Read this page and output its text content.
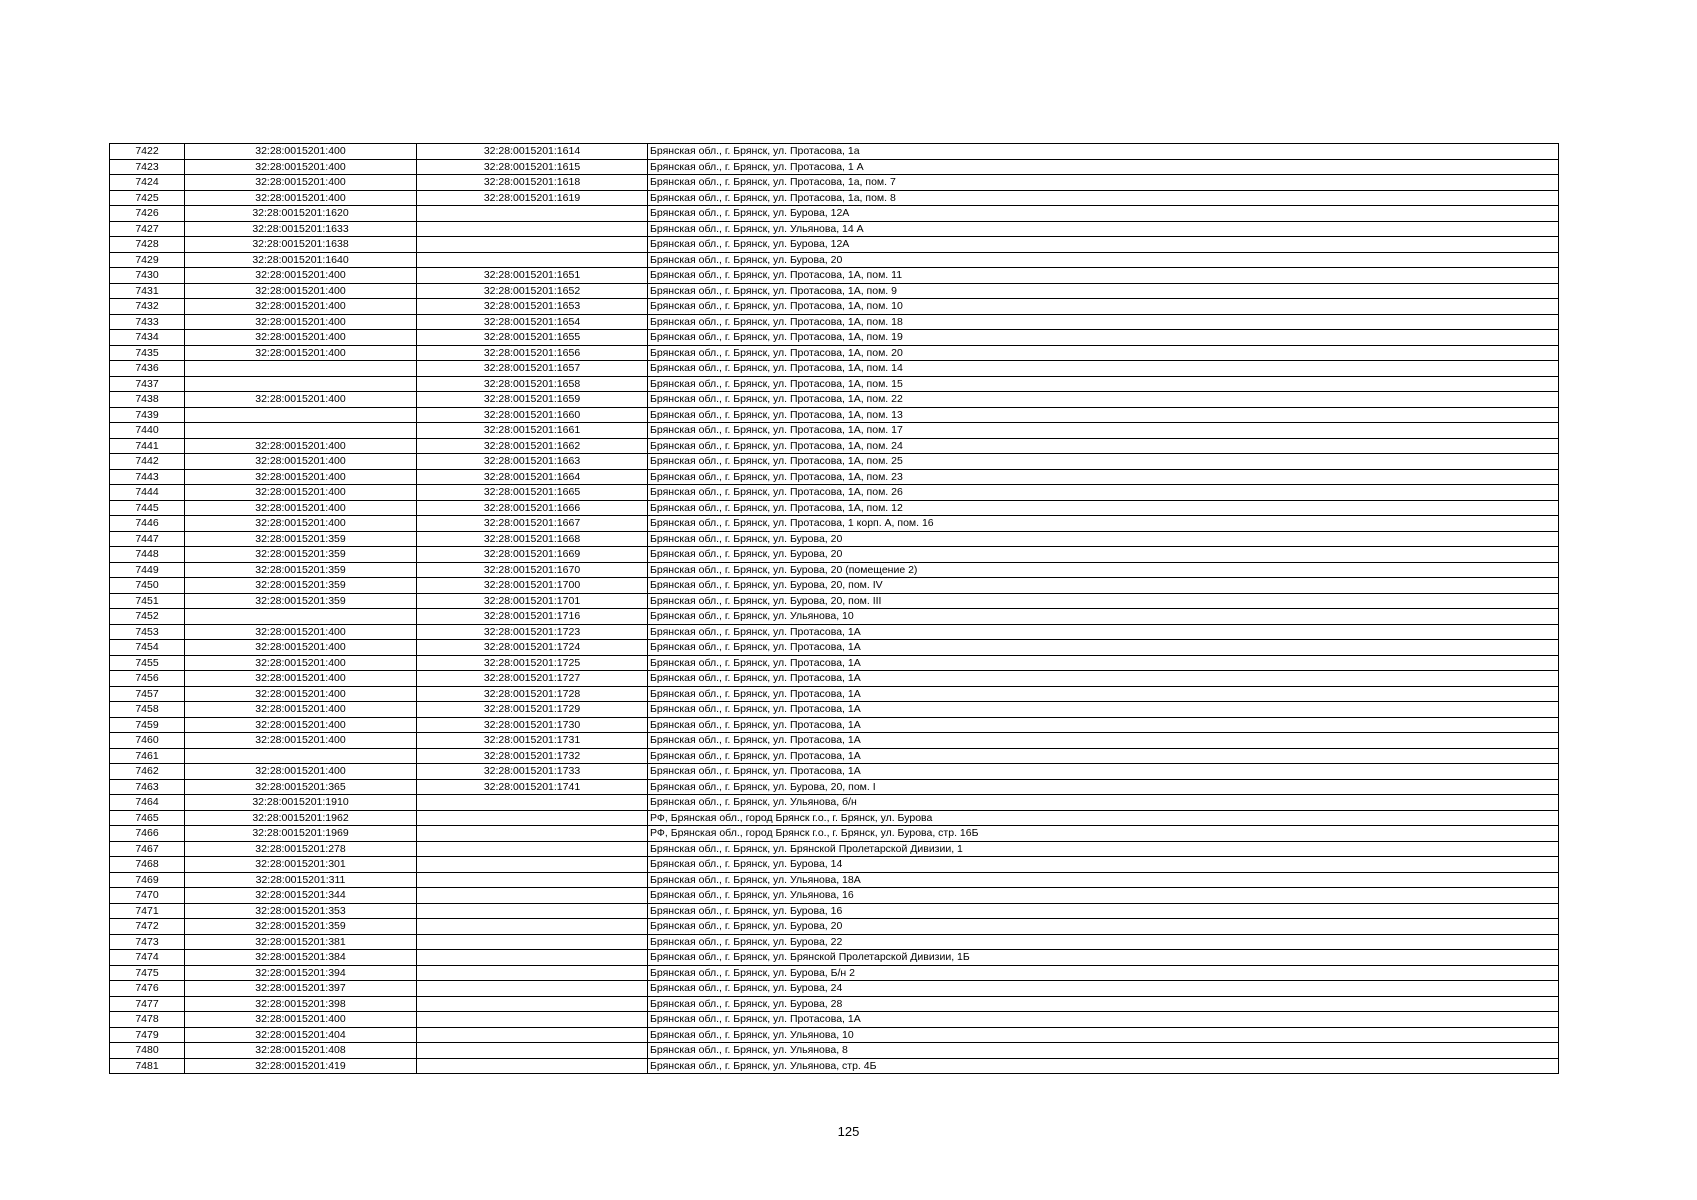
7422	32:28:0015201:400	32:28:0015201:1614	Брянская обл., г. Брянск, ул. Протасова, 1а
7423	32:28:0015201:400	32:28:0015201:1615	Брянская обл., г. Брянск, ул. Протасова, 1 А
7424	32:28:0015201:400	32:28:0015201:1618	Брянская обл., г. Брянск, ул. Протасова, 1а, пом. 7
7425	32:28:0015201:400	32:28:0015201:1619	Брянская обл., г. Брянск, ул. Протасова, 1а, пом. 8
7426	32:28:0015201:1620		Брянская обл., г. Брянск, ул. Бурова, 12А
7427	32:28:0015201:1633		Брянская обл., г. Брянск, ул. Ульянова, 14 А
7428	32:28:0015201:1638		Брянская обл., г. Брянск, ул. Бурова, 12А
7429	32:28:0015201:1640		Брянская обл., г. Брянск, ул. Бурова, 20
7430	32:28:0015201:400	32:28:0015201:1651	Брянская обл., г. Брянск, ул. Протасова, 1А, пом. 11
7431	32:28:0015201:400	32:28:0015201:1652	Брянская обл., г. Брянск, ул. Протасова, 1А, пом. 9
7432	32:28:0015201:400	32:28:0015201:1653	Брянская обл., г. Брянск, ул. Протасова, 1А, пом. 10
7433	32:28:0015201:400	32:28:0015201:1654	Брянская обл., г. Брянск, ул. Протасова, 1А, пом. 18
7434	32:28:0015201:400	32:28:0015201:1655	Брянская обл., г. Брянск, ул. Протасова, 1А, пом. 19
7435	32:28:0015201:400	32:28:0015201:1656	Брянская обл., г. Брянск, ул. Протасова, 1А, пом. 20
7436		32:28:0015201:1657	Брянская обл., г. Брянск, ул. Протасова, 1А, пом. 14
7437		32:28:0015201:1658	Брянская обл., г. Брянск, ул. Протасова, 1А, пом. 15
7438	32:28:0015201:400	32:28:0015201:1659	Брянская обл., г. Брянск, ул. Протасова, 1А, пом. 22
7439		32:28:0015201:1660	Брянская обл., г. Брянск, ул. Протасова, 1А, пом. 13
7440		32:28:0015201:1661	Брянская обл., г. Брянск, ул. Протасова, 1А, пом. 17
7441	32:28:0015201:400	32:28:0015201:1662	Брянская обл., г. Брянск, ул. Протасова, 1А, пом. 24
7442	32:28:0015201:400	32:28:0015201:1663	Брянская обл., г. Брянск, ул. Протасова, 1А, пом. 25
7443	32:28:0015201:400	32:28:0015201:1664	Брянская обл., г. Брянск, ул. Протасова, 1А, пом. 23
7444	32:28:0015201:400	32:28:0015201:1665	Брянская обл., г. Брянск, ул. Протасова, 1А, пом. 26
7445	32:28:0015201:400	32:28:0015201:1666	Брянская обл., г. Брянск, ул. Протасова, 1А, пом. 12
7446	32:28:0015201:400	32:28:0015201:1667	Брянская обл., г. Брянск, ул. Протасова, 1 корп. А, пом. 16
7447	32:28:0015201:359	32:28:0015201:1668	Брянская обл., г. Брянск, ул. Бурова, 20
7448	32:28:0015201:359	32:28:0015201:1669	Брянская обл., г. Брянск, ул. Бурова, 20
7449	32:28:0015201:359	32:28:0015201:1670	Брянская обл., г. Брянск, ул. Бурова, 20 (помещение 2)
7450	32:28:0015201:359	32:28:0015201:1700	Брянская обл., г. Брянск, ул. Бурова, 20, пом. IV
7451	32:28:0015201:359	32:28:0015201:1701	Брянская обл., г. Брянск, ул. Бурова, 20, пом. III
7452		32:28:0015201:1716	Брянская обл., г. Брянск, ул. Ульянова, 10
7453	32:28:0015201:400	32:28:0015201:1723	Брянская обл., г. Брянск, ул. Протасова, 1А
7454	32:28:0015201:400	32:28:0015201:1724	Брянская обл., г. Брянск, ул. Протасова, 1А
7455	32:28:0015201:400	32:28:0015201:1725	Брянская обл., г. Брянск, ул. Протасова, 1А
7456	32:28:0015201:400	32:28:0015201:1727	Брянская обл., г. Брянск, ул. Протасова, 1А
7457	32:28:0015201:400	32:28:0015201:1728	Брянская обл., г. Брянск, ул. Протасова, 1А
7458	32:28:0015201:400	32:28:0015201:1729	Брянская обл., г. Брянск, ул. Протасова, 1А
7459	32:28:0015201:400	32:28:0015201:1730	Брянская обл., г. Брянск, ул. Протасова, 1А
7460	32:28:0015201:400	32:28:0015201:1731	Брянская обл., г. Брянск, ул. Протасова, 1А
7461		32:28:0015201:1732	Брянская обл., г. Брянск, ул. Протасова, 1А
7462	32:28:0015201:400	32:28:0015201:1733	Брянская обл., г. Брянск, ул. Протасова, 1А
7463	32:28:0015201:365	32:28:0015201:1741	Брянская обл., г. Брянск, ул. Бурова, 20, пом. I
7464	32:28:0015201:1910		Брянская обл., г. Брянск, ул. Ульянова, б/н
7465	32:28:0015201:1962		РФ, Брянская обл., город Брянск г.о., г. Брянск, ул. Бурова
7466	32:28:0015201:1969		РФ, Брянская обл., город Брянск г.о., г. Брянск, ул. Бурова, стр. 16Б
7467	32:28:0015201:278		Брянская обл., г. Брянск, ул. Брянской Пролетарской Дивизии, 1
7468	32:28:0015201:301		Брянская обл., г. Брянск, ул. Бурова, 14
7469	32:28:0015201:311		Брянская обл., г. Брянск, ул. Ульянова, 18А
7470	32:28:0015201:344		Брянская обл., г. Брянск, ул. Ульянова, 16
7471	32:28:0015201:353		Брянская обл., г. Брянск, ул. Бурова, 16
7472	32:28:0015201:359		Брянская обл., г. Брянск, ул. Бурова, 20
7473	32:28:0015201:381		Брянская обл., г. Брянск, ул. Бурова, 22
7474	32:28:0015201:384		Брянская обл., г. Брянск, ул. Брянской Пролетарской Дивизии, 1Б
7475	32:28:0015201:394		Брянская обл., г. Брянск, ул. Бурова, Б/н 2
7476	32:28:0015201:397		Брянская обл., г. Брянск, ул. Бурова, 24
7477	32:28:0015201:398		Брянская обл., г. Брянск, ул. Бурова, 28
7478	32:28:0015201:400		Брянская обл., г. Брянск, ул. Протасова, 1А
7479	32:28:0015201:404		Брянская обл., г. Брянск, ул. Ульянова, 10
7480	32:28:0015201:408		Брянская обл., г. Брянск, ул. Ульянова, 8
7481	32:28:0015201:419		Брянская обл., г. Брянск, ул. Ульянова, стр. 4Б
125
